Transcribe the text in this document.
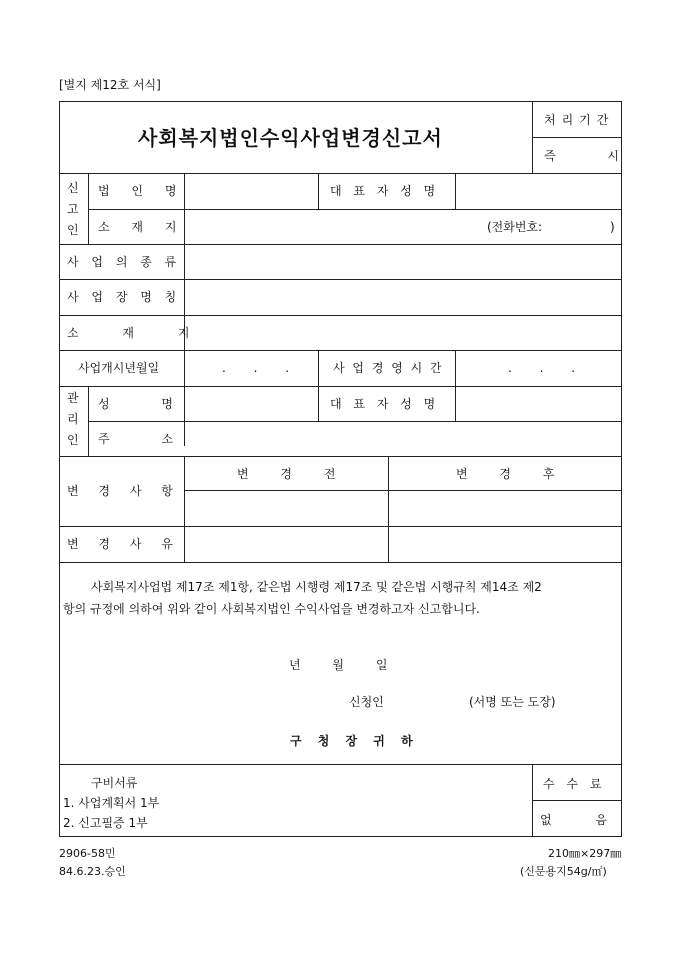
[별지 제12호 서식]
사회복지법인수익사업변경신고서
처리기간
즉 시
신
고
인
법 인 명	대 표 자 성 명
소 재 지	(전화번호:	)
사 업 의 종 류
사 업 장 명 칭
소 재 지
사업개시년월일	. . .	사 업 경 영 시 간	. . .
관
리
인
성 명	대 표 자 성 명
주 소
변 경 사 항
변 경 전	변 경 후
변 경 사 유
사회복지사업법 제17조 제1항, 같은법 시행령 제17조 및 같은법 시행규칙 제14조 제2
항의 규정에 의하여 위와 같이 사회복지법인 수익사업을 변경하고자 신고합니다.
년 월 일
신청인	(서명 또는 도장)
구 청 장 귀 하
구비서류
1. 사업계획서 1부
2. 신고필증 1부
수 수 료
없 음
2906-58민
84.6.23.승인
210㎜×297㎜
(신문용지54g/㎡)
